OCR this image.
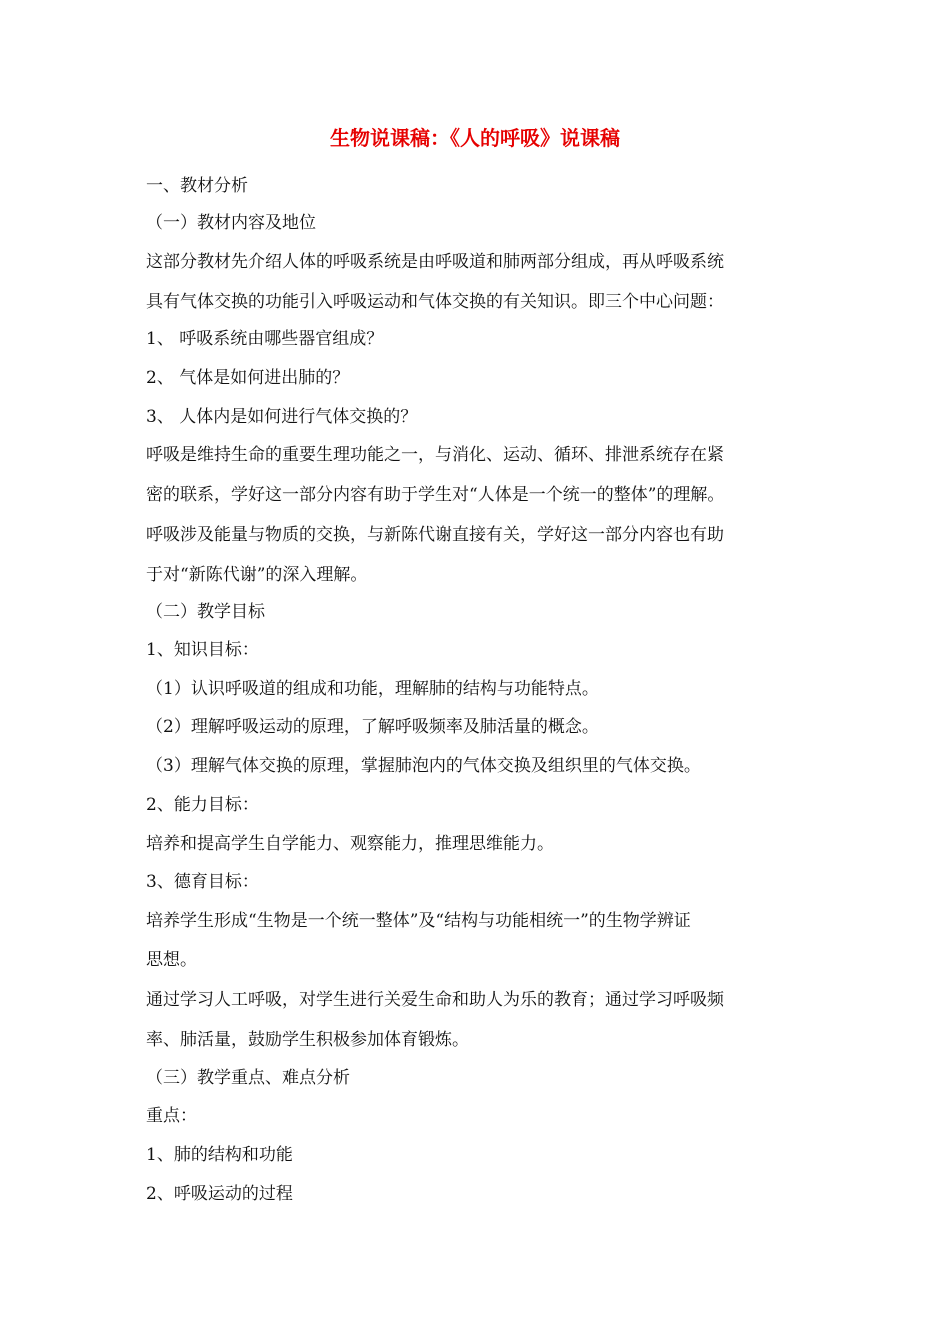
生物说课稿：《人的呼吸》说课稿
一、教材分析
（一）教材内容及地位
这部分教材先介绍人体的呼吸系统是由呼吸道和肺两部分组成，再从呼吸系统
具有气体交换的功能引入呼吸运动和气体交换的有关知识。即三个中心问题：
1、 呼吸系统由哪些器官组成？
2、 气体是如何进出肺的？
3、 人体内是如何进行气体交换的？
呼吸是维持生命的重要生理功能之一，与消化、运动、循环、排泄系统存在紧
密的联系，学好这一部分内容有助于学生对“人体是一个统一的整体”的理解。
呼吸涉及能量与物质的交换，与新陈代谢直接有关，学好这一部分内容也有助
于对“新陈代谢”的深入理解。
（二）教学目标
1、知识目标：
（1）认识呼吸道的组成和功能，理解肺的结构与功能特点。
（2）理解呼吸运动的原理，了解呼吸频率及肺活量的概念。
（3）理解气体交换的原理，掌握肺泡内的气体交换及组织里的气体交换。
2、能力目标：
培养和提高学生自学能力、观察能力，推理思维能力。
3、德育目标：
培养学生形成“生物是一个统一整体”及“结构与功能相统一”的生物学辨证
思想。
通过学习人工呼吸，对学生进行关爱生命和助人为乐的教育；通过学习呼吸频
率、肺活量，鼓励学生积极参加体育锻炼。
（三）教学重点、难点分析
重点：
1、肺的结构和功能
2、呼吸运动的过程
